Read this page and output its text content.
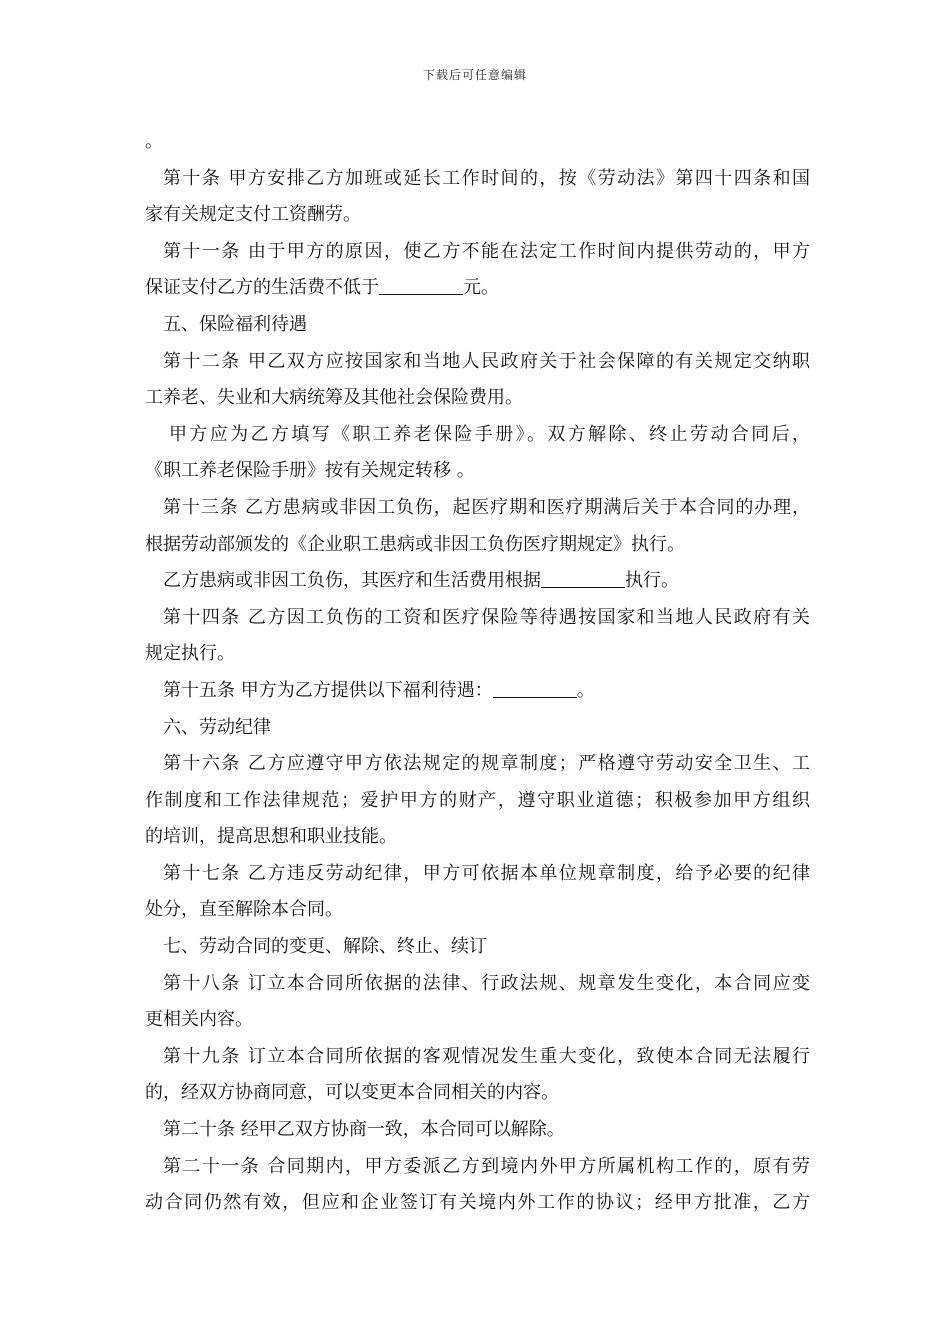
下载后可任意编辑
。
第十条 甲方安排乙方加班或延长工作时间的，按《劳动法》第四十四条和国
家有关规定支付工资酬劳。
第十一条 由于甲方的原因，使乙方不能在法定工作时间内提供劳动的，甲方
保证支付乙方的生活费不低于	元。
五、保险福利待遇
第十二条 甲乙双方应按国家和当地人民政府关于社会保障的有关规定交纳职
工养老、失业和大病统筹及其他社会保险费用。
甲方应为乙方填写《职工养老保险手册》。双方解除、终止劳动合同后，
《职工养老保险手册》按有关规定转移 。
第十三条 乙方患病或非因工负伤，起医疗期和医疗期满后关于本合同的办理，
根据劳动部颁发的《企业职工患病或非因工负伤医疗期规定》执行。
乙方患病或非因工负伤，其医疗和生活费用根据	执行。
第十四条 乙方因工负伤的工资和医疗保险等待遇按国家和当地人民政府有关
规定执行。
第十五条 甲方为乙方提供以下福利待遇：	。
六、劳动纪律
第十六条 乙方应遵守甲方依法规定的规章制度；严格遵守劳动安全卫生、工
作制度和工作法律规范；爱护甲方的财产，遵守职业道德；积极参加甲方组织
的培训，提高思想和职业技能。
第十七条 乙方违反劳动纪律，甲方可依据本单位规章制度，给予必要的纪律
处分，直至解除本合同。
七、劳动合同的变更、解除、终止、续订
第十八条 订立本合同所依据的法律、行政法规、规章发生变化，本合同应变
更相关内容。
第十九条 订立本合同所依据的客观情况发生重大变化，致使本合同无法履行
的，经双方协商同意，可以变更本合同相关的内容。
第二十条 经甲乙双方协商一致，本合同可以解除。
第二十一条 合同期内，甲方委派乙方到境内外甲方所属机构工作的，原有劳
动合同仍然有效，但应和企业签订有关境内外工作的协议；经甲方批准，乙方
